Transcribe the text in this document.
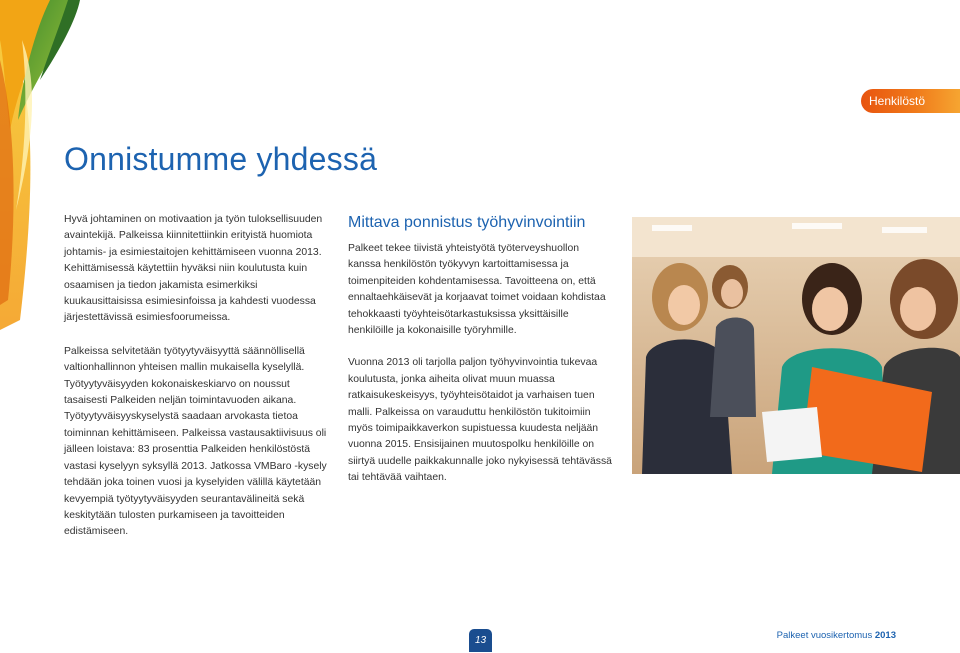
Henkilöstö
Onnistumme yhdessä

Hyvä johtaminen on motivaation ja työn tuloksellisuuden avaintekijä. Palkeissa kiinnitettiinkin erityistä huomiota johtamis- ja esimiestaitojen kehittämiseen vuonna 2013. Kehittämisessä käytettiin hyväksi niin koulutusta kuin osaamisen ja tiedon jakamista esimerkiksi kuukausittaisissa esimiesinfoissa ja kahdesti vuodessa järjestettävissä esimiesfoorumeissa.

Palkeissa selvitetään työtyytyväisyyttä säännöllisellä valtionhallinnon yhteisen mallin mukaisella kyselyllä. Työtyytyväisyyden kokonaiskeskiarvo on noussut tasaisesti Palkeiden neljän toimintavuoden aikana. Työtyytyväisyyskyselystä saadaan arvokasta tietoa toiminnan kehittämiseen. Palkeissa vastausaktiivisuus oli jälleen loistava: 83 prosenttia Palkeiden henkilöstöstä vastasi kyselyyn syksyllä 2013. Jatkossa VMBaro -kysely tehdään joka toinen vuosi ja kyselyiden välillä käytetään kevyempiä työtyytyväisyyden seurantavälineitä sekä keskitytään tulosten purkamiseen ja tavoitteiden edistämiseen.

Mittava ponnistus työhyvinvointiin

Palkeet tekee tiivistä yhteistyötä työterveyshuollon kanssa henkilöstön työkyvyn kartoittamisessa ja toimenpiteiden kohdentamisessa. Tavoitteena on, että ennaltaehkäisevät ja korjaavat toimet voidaan kohdistaa tehokkaasti työyhteisötarkastuksissa yksittäisille henkilöille ja kokonaisille työryhmille.

Vuonna 2013 oli tarjolla paljon työhyvinvointia tukevaa koulutusta, jonka aiheita olivat muun muassa ratkaisukeskeisyys, työyhteisötaidot ja varhaisen tuen malli. Palkeissa on varauduttu henkilöstön tukitoimiin myös toimipaikkaverkon supistuessa kuudesta neljään vuonna 2015. Ensisijainen muutospolku henkilöille on siirtyä uudelle paikkakunnalle joko nykyisessä tehtävässä tai tehtävää vaihtaen.

13	Palkeet vuosikertomus 2013
